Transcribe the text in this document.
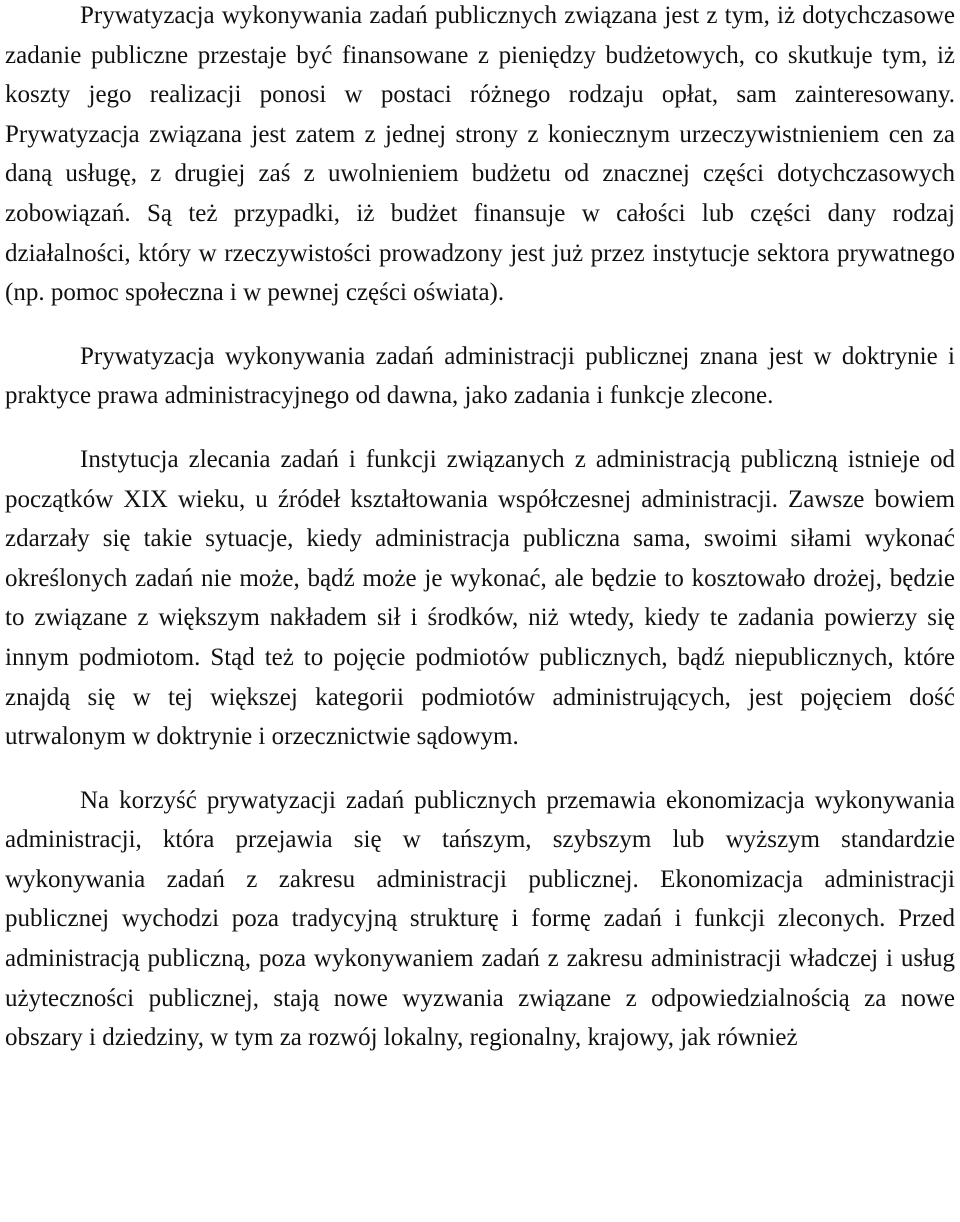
Prywatyzacja wykonywania zadań publicznych związana jest z tym, iż dotychczasowe zadanie publiczne przestaje być finansowane z pieniędzy budżetowych, co skutkuje tym, iż koszty jego realizacji ponosi w postaci różnego rodzaju opłat, sam zainteresowany. Prywatyzacja związana jest zatem z jednej strony z koniecznym urzeczywistnieniem cen za daną usługę, z drugiej zaś z uwolnieniem budżetu od znacznej części dotychczasowych zobowiązań. Są też przypadki, iż budżet finansuje w całości lub części dany rodzaj działalności, który w rzeczywistości prowadzony jest już przez instytucje sektora prywatnego (np. pomoc społeczna i w pewnej części oświata).

Prywatyzacja wykonywania zadań administracji publicznej znana jest w doktrynie i praktyce prawa administracyjnego od dawna, jako zadania i funkcje zlecone.

Instytucja zlecania zadań i funkcji związanych z administracją publiczną istnieje od początków XIX wieku, u źródeł kształtowania współczesnej administracji. Zawsze bowiem zdarzały się takie sytuacje, kiedy administracja publiczna sama, swoimi siłami wykonać określonych zadań nie może, bądź może je wykonać, ale będzie to kosztowało drożej, będzie to związane z większym nakładem sił i środków, niż wtedy, kiedy te zadania powierzy się innym podmiotom. Stąd też to pojęcie podmiotów publicznych, bądź niepublicznych, które znajdą się w tej większej kategorii podmiotów administrujących, jest pojęciem dość utrwalonym w doktrynie i orzecznictwie sądowym.

Na korzyść prywatyzacji zadań publicznych przemawia ekonomizacja wykonywania administracji, która przejawia się w tańszym, szybszym lub wyższym standardzie wykonywania zadań z zakresu administracji publicznej. Ekonomizacja administracji publicznej wychodzi poza tradycyjną strukturę i formę zadań i funkcji zleconych. Przed administracją publiczną, poza wykonywaniem zadań z zakresu administracji władczej i usług użyteczności publicznej, stają nowe wyzwania związane z odpowiedzialnością za nowe obszary i dziedziny, w tym za rozwój lokalny, regionalny, krajowy, jak również
